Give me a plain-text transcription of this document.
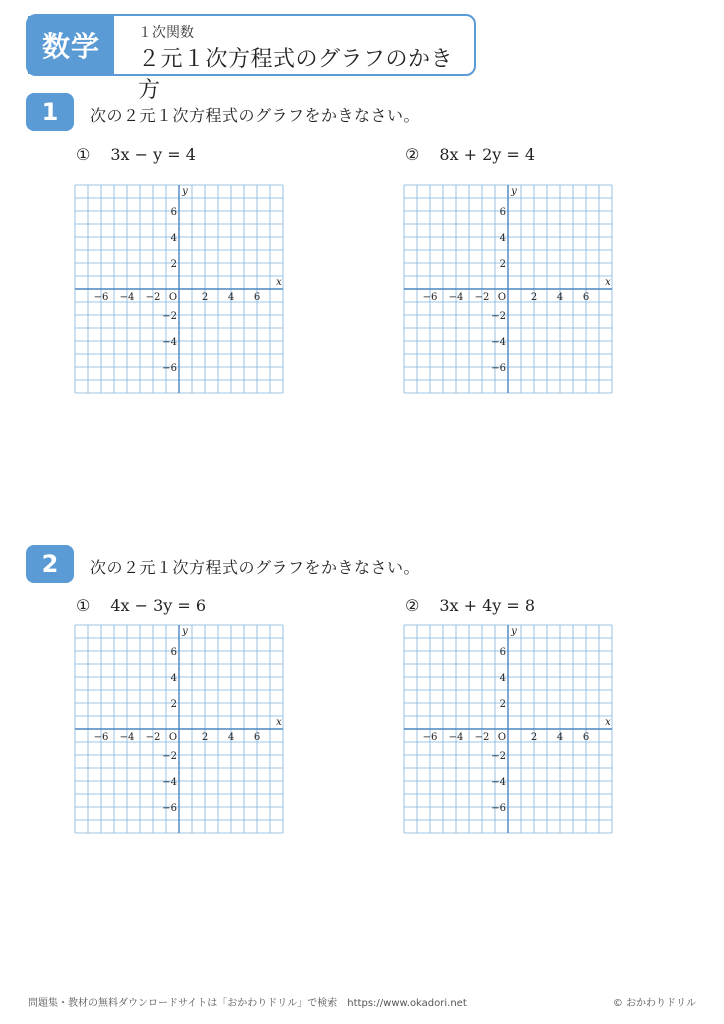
数学	１次関数
２元１次方程式のグラフのかき方
1	次の２元１次方程式のグラフをかきなさい。
① 3x − y = 4	② 8x + 2y = 4
x
y
O
−6 −4 −2	2 4 6
6
4
2
−2
−4
−6
x
y
O
−6 −4 −2	2 4 6
6
4
2
−2
−4
−6
2	次の２元１次方程式のグラフをかきなさい。
① 4x − 3y = 6	② 3x + 4y = 8
x
y
O
−6 −4 −2	2 4 6
6
4
2
−2
−4
−6
x
y
O
−6 −4 −2	2 4 6
6
4
2
−2
−4
−6
問題集・教材の無料ダウンロードサイトは「おかわりドリル」で検索　https://www.okadori.net	© おかわりドリル
